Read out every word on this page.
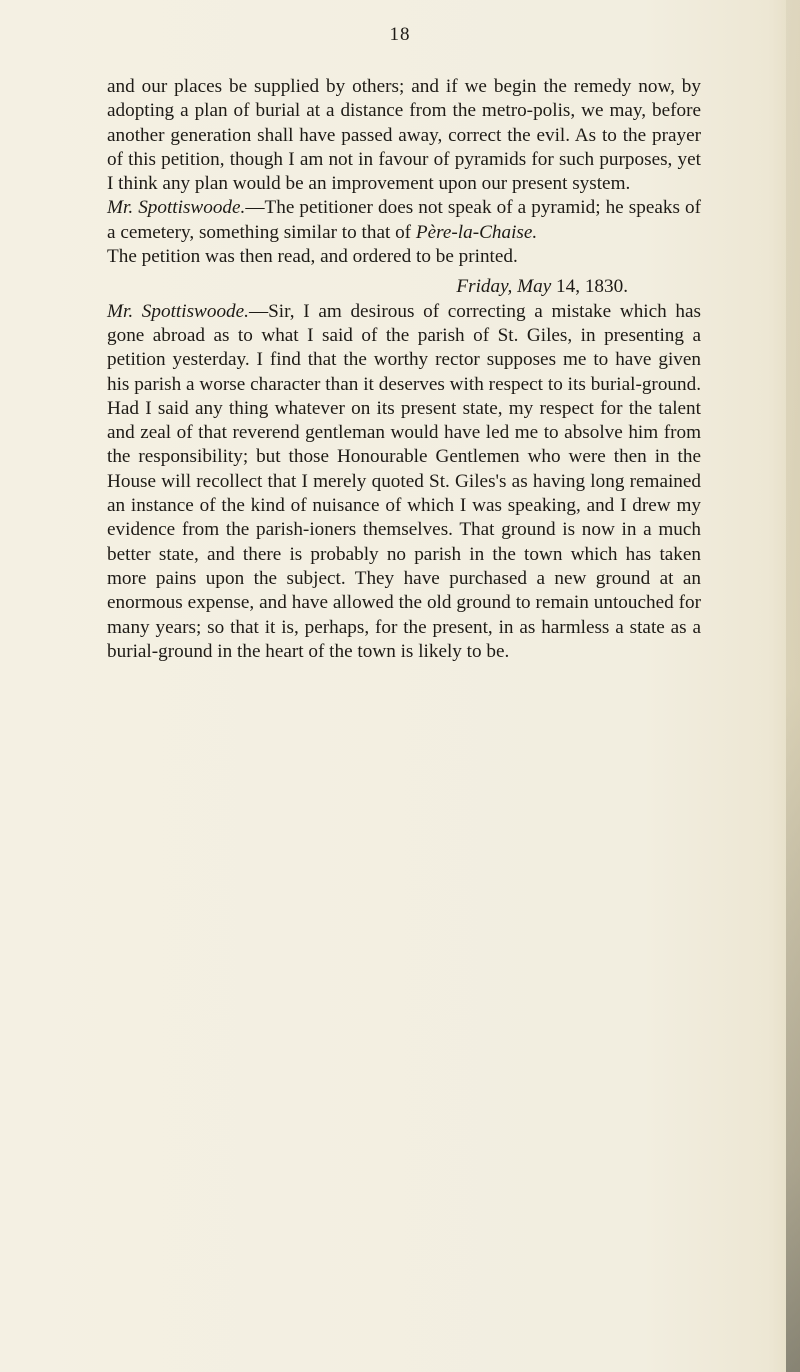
18

and our places be supplied by others; and if we begin the remedy now, by adopting a plan of burial at a distance from the metro-polis, we may, before another generation shall have passed away, correct the evil. As to the prayer of this petition, though I am not in favour of pyramids for such purposes, yet I think any plan would be an improvement upon our present system.

Mr. Spottiswoode.—The petitioner does not speak of a pyramid; he speaks of a cemetery, something similar to that of Père-la-Chaise.

The petition was then read, and ordered to be printed.

Friday, May 14, 1830.

Mr. Spottiswoode.—Sir, I am desirous of correcting a mistake which has gone abroad as to what I said of the parish of St. Giles, in presenting a petition yesterday. I find that the worthy rector supposes me to have given his parish a worse character than it deserves with respect to its burial-ground. Had I said any thing whatever on its present state, my respect for the talent and zeal of that reverend gentleman would have led me to absolve him from the responsibility; but those Honourable Gentlemen who were then in the House will recollect that I merely quoted St. Giles's as having long remained an instance of the kind of nuisance of which I was speaking, and I drew my evidence from the parish-ioners themselves. That ground is now in a much better state, and there is probably no parish in the town which has taken more pains upon the subject. They have purchased a new ground at an enormous expense, and have allowed the old ground to remain untouched for many years; so that it is, perhaps, for the present, in as harmless a state as a burial-ground in the heart of the town is likely to be.
